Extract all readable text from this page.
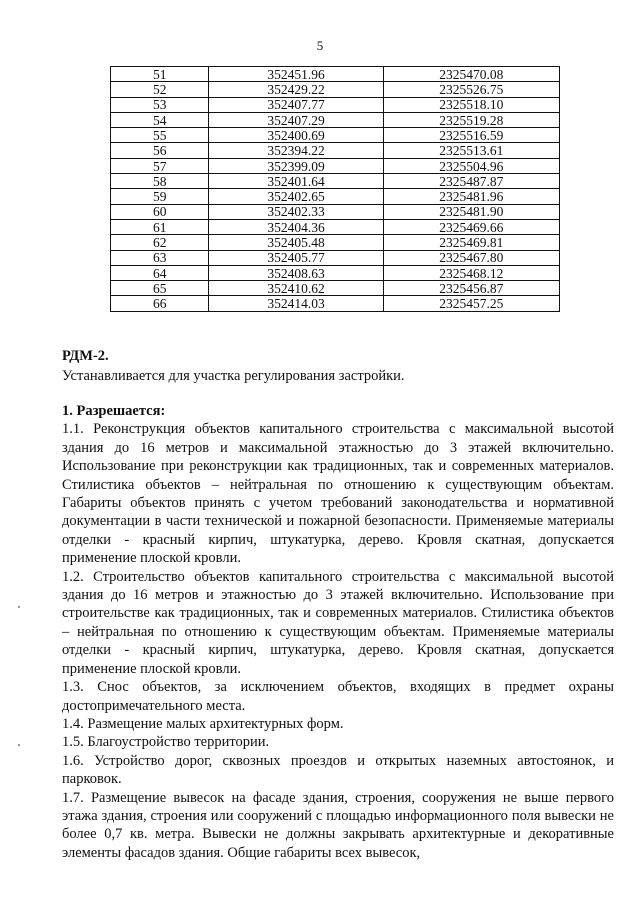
5
51	352451.96	2325470.08
52	352429.22	2325526.75
53	352407.77	2325518.10
54	352407.29	2325519.28
55	352400.69	2325516.59
56	352394.22	2325513.61
57	352399.09	2325504.96
58	352401.64	2325487.87
59	352402.65	2325481.96
60	352402.33	2325481.90
61	352404.36	2325469.66
62	352405.48	2325469.81
63	352405.77	2325467.80
64	352408.63	2325468.12
65	352410.62	2325456.87
66	352414.03	2325457.25
РДМ-2.
Устанавливается для участка регулирования застройки.

1. Разрешается:

1.1. Реконструкция объектов капитального строительства с максимальной высотой здания до 16 метров и максимальной этажностью до 3 этажей включительно. Использование при реконструкции как традиционных, так и современных материалов. Стилистика объектов – нейтральная по отношению к существующим объектам. Габариты объектов принять с учетом требований законодательства и нормативной документации в части технической и пожарной безопасности. Применяемые материалы отделки - красный кирпич, штукатурка, дерево. Кровля скатная, допускается применение плоской кровли.

1.2. Строительство объектов капитального строительства с максимальной высотой здания до 16 метров и этажностью до 3 этажей включительно. Использование при строительстве как традиционных, так и современных материалов. Стилистика объектов – нейтральная по отношению к существующим объектам. Применяемые материалы отделки - красный кирпич, штукатурка, дерево. Кровля скатная, допускается применение плоской кровли.

1.3. Снос объектов, за исключением объектов, входящих в предмет охраны достопримечательного места.

1.4. Размещение малых архитектурных форм.

1.5. Благоустройство территории.

1.6. Устройство дорог, сквозных проездов и открытых наземных автостоянок, и парковок.

1.7. Размещение вывесок на фасаде здания, строения, сооружения не выше первого этажа здания, строения или сооружений с площадью информационного поля вывески не более 0,7 кв. метра. Вывески не должны закрывать архитектурные и декоративные элементы фасадов здания. Общие габариты всех вывесок,
